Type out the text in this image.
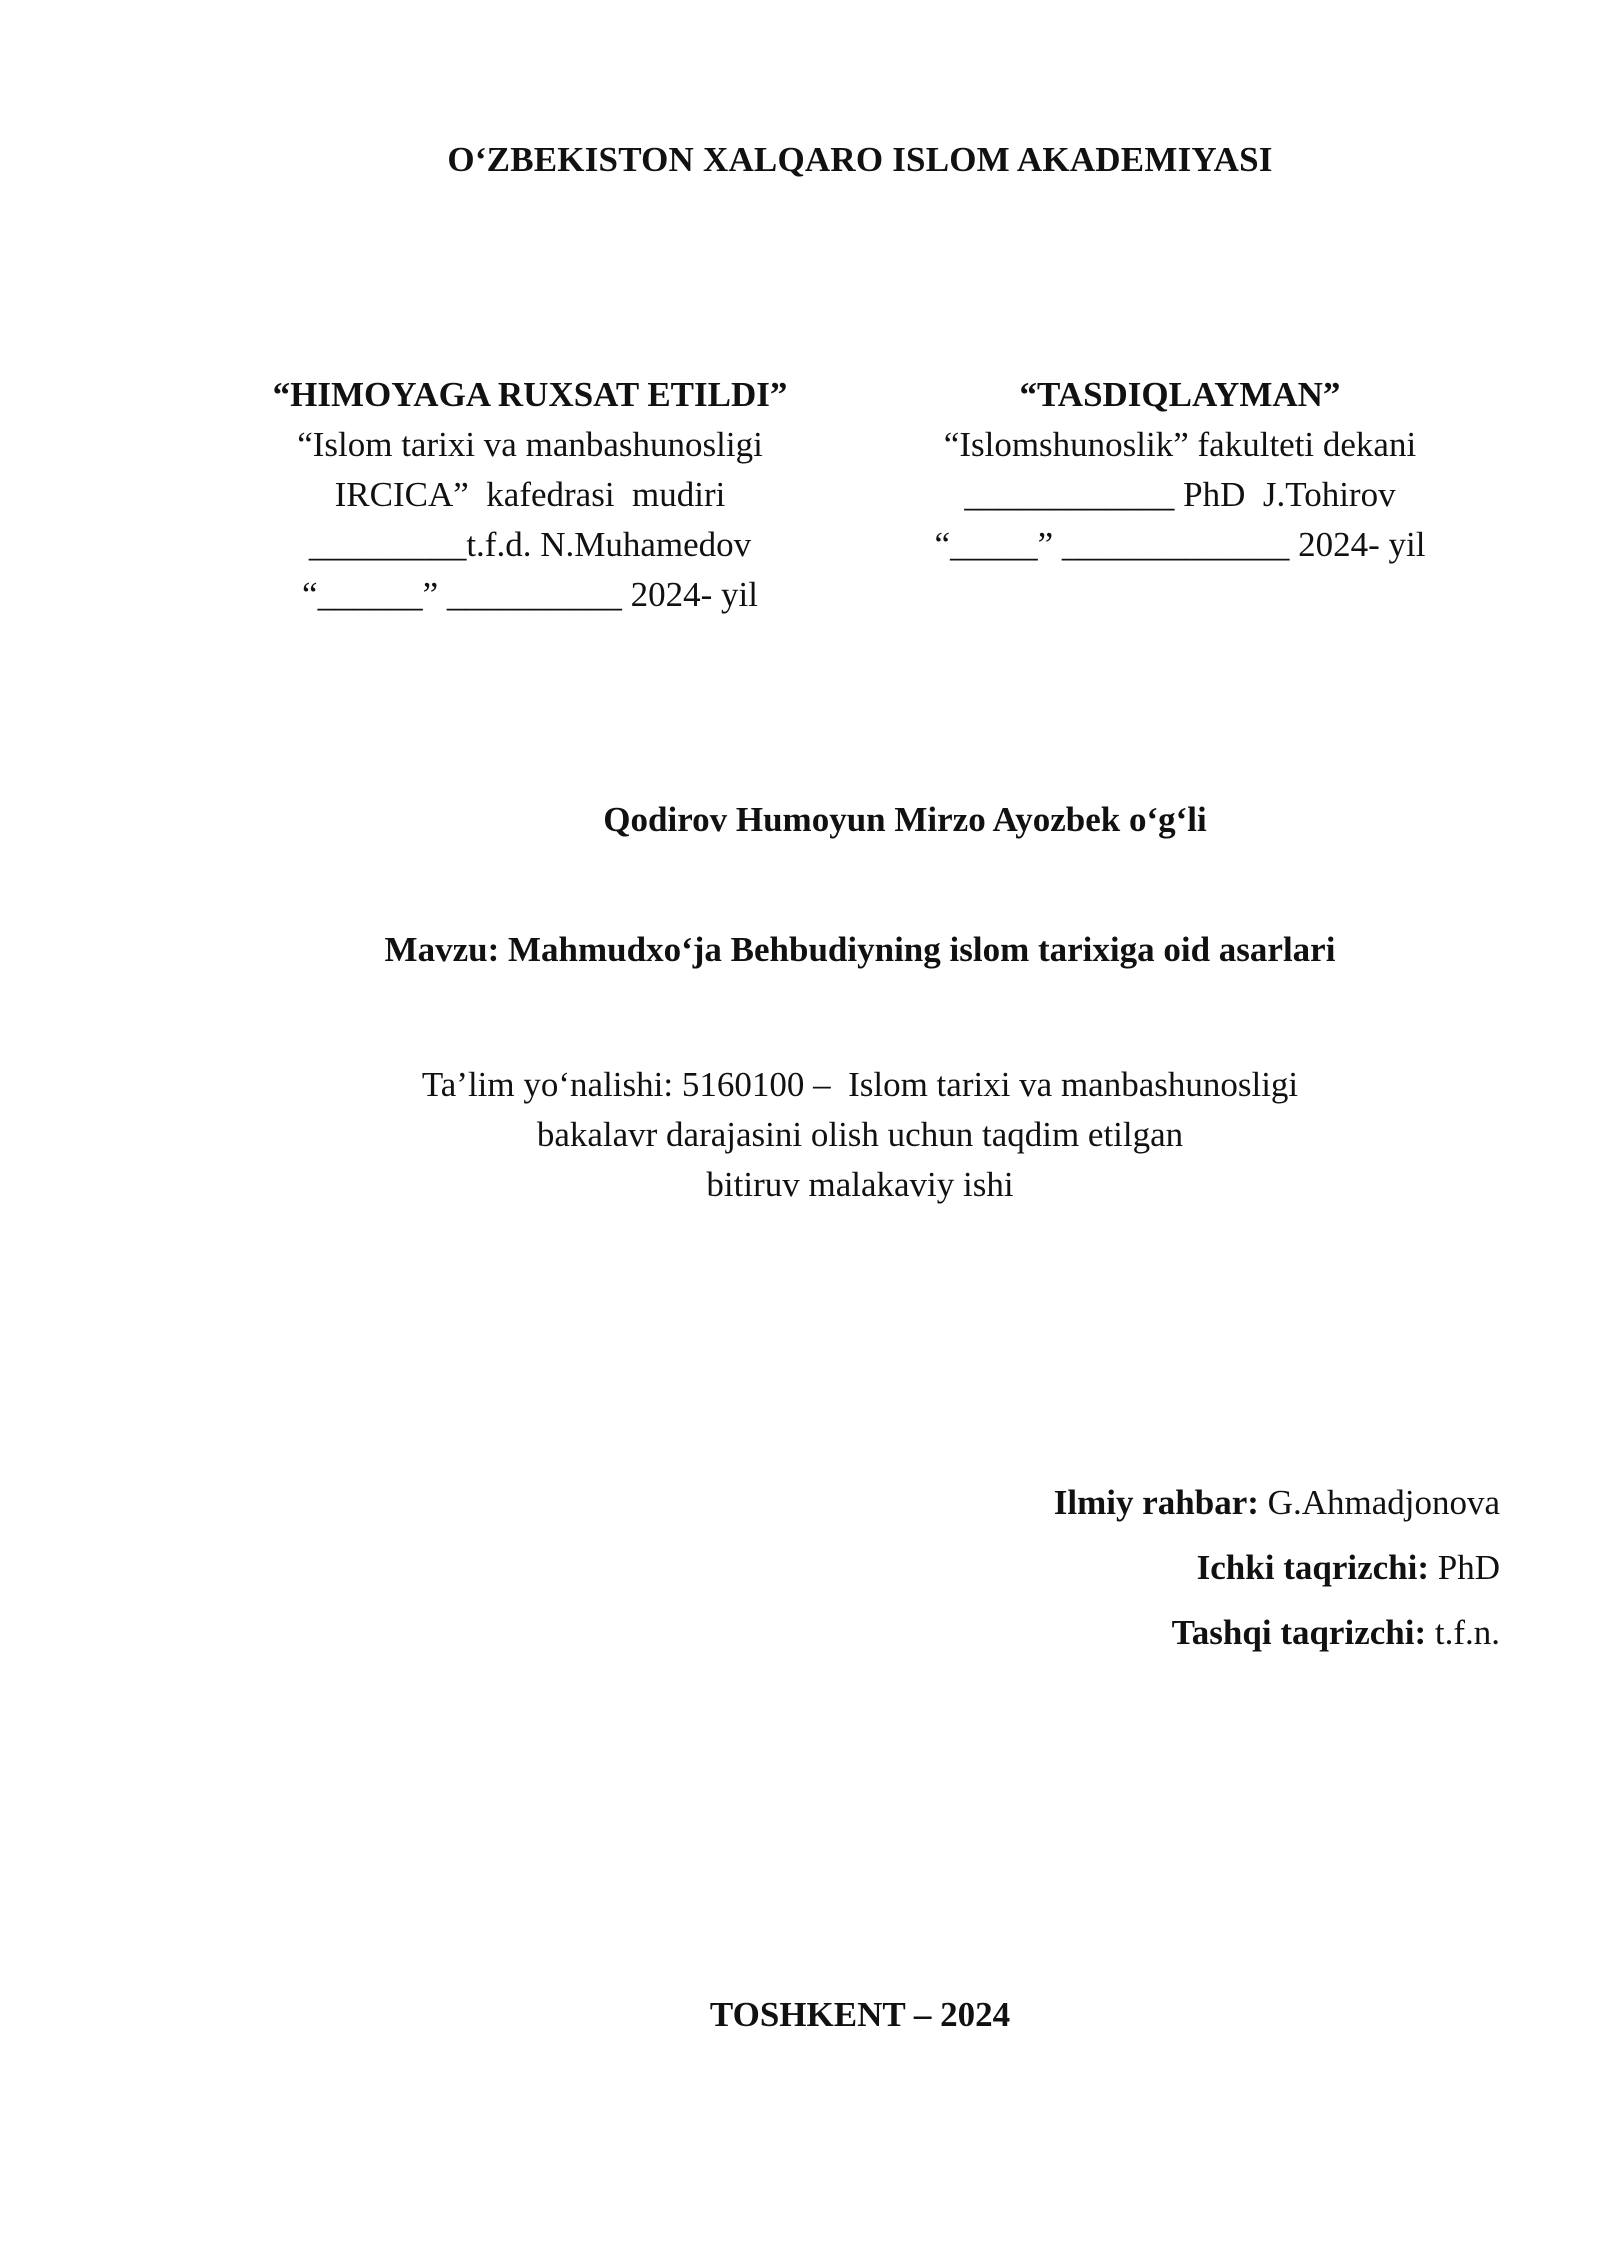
O‘ZBEKISTON XALQARO ISLOM AKADEMIYASI
“HIMOYAGA RUXSAT ETILDI”
“Islom tarixi va manbashunosligi
IRCICA”  kafedrasi  mudiri
_________t.f.d. N.Muhamedov
“______” __________ 2024- yil
“TASDIQLAYMAN”
“Islomshunoslik” fakulteti dekani
____________ PhD  J.Tohirov
“_____” _____________ 2024- yil
Qodirov Humoyun Mirzo Ayozbek o‘g‘li
Mavzu: Mahmudxo‘ja Behbudiyning islom tarixiga oid asarlari
Ta’lim yo‘nalishi: 5160100 –  Islom tarixi va manbashunosligi
bakalavr darajasini olish uchun taqdim etilgan
bitiruv malakaviy ishi
Ilmiy rahbar: G.Ahmadjonova
Ichki taqrizchi: PhD
Tashqi taqrizchi: t.f.n.
TOSHKENT – 2024
